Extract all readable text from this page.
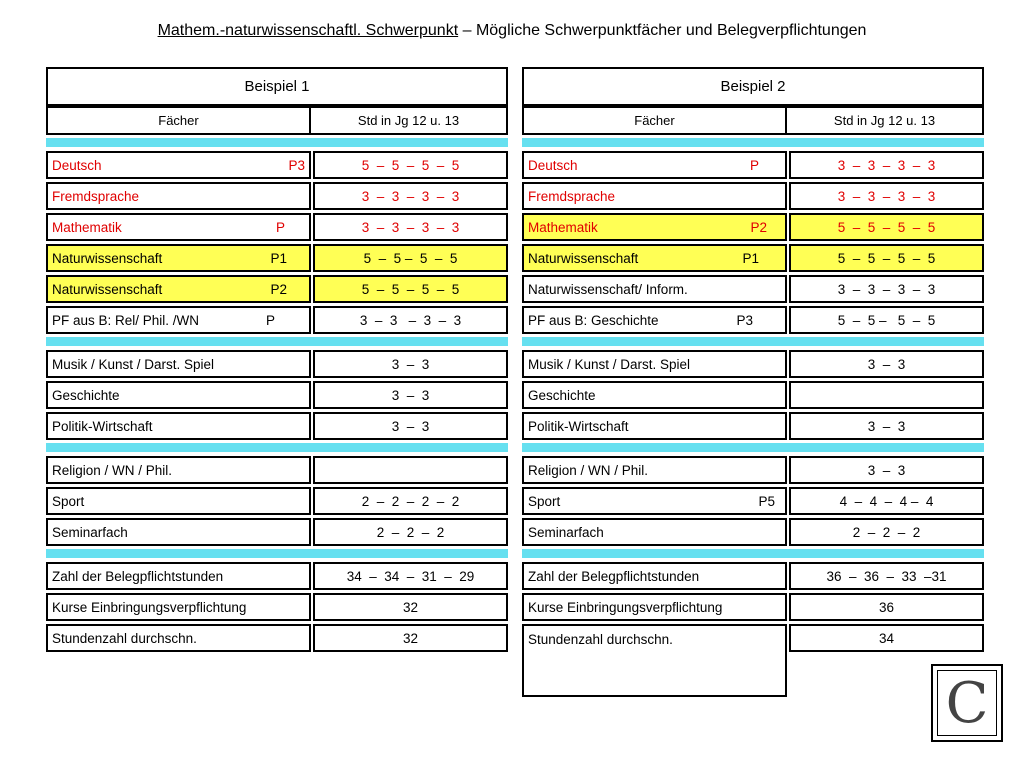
Mathem.-naturwissenschaftl. Schwerpunkt – Mögliche Schwerpunktfächer und Belegverpflichtungen
Beispiel 1
Fächer	Std in Jg 12 u. 13
Deutsch	P3	5  –  5  –  5  –  5
Fremdsprache	3  –  3  –  3  –  3
Mathematik	P	3  –  3  –  3  –  3
Naturwissenschaft	P1	5  –  5 –  5  –  5
Naturwissenschaft	P2	5  –  5  –  5  –  5
PF aus B: Rel/ Phil. /WN	P	3  –  3   –  3  –  3
Musik / Kunst / Darst. Spiel	3  –  3
Geschichte	3  –  3
Politik-Wirtschaft	3  –  3
Religion / WN / Phil.
Sport	2  –  2  –  2  –  2
Seminarfach	2  –  2  –  2
Zahl der Belegpflichtstunden	34  –  34  –  31  –  29
Kurse Einbringungsverpflichtung	32
Stundenzahl durchschn.	32
Beispiel 2
Fächer	Std in Jg 12 u. 13
Deutsch	P	3  –  3  –  3  –  3
Fremdsprache	3  –  3  –  3  –  3
Mathematik	P2	5  –  5  –  5  –  5
Naturwissenschaft	P1	5  –  5  –  5  –  5
Naturwissenschaft/ Inform.	3  –  3  –  3  –  3
PF aus B: Geschichte	P3	5  –  5 –   5  –  5
Musik / Kunst / Darst. Spiel	3  –  3
Geschichte
Politik-Wirtschaft	3  –  3
Religion / WN / Phil.	3  –  3
Sport	P5	4  –  4  –  4 –  4
Seminarfach	2  –  2  –  2
Zahl der Belegpflichtstunden	36  –  36  –  33  –31
Kurse Einbringungsverpflichtung	36
Stundenzahl durchschn.	34
C
